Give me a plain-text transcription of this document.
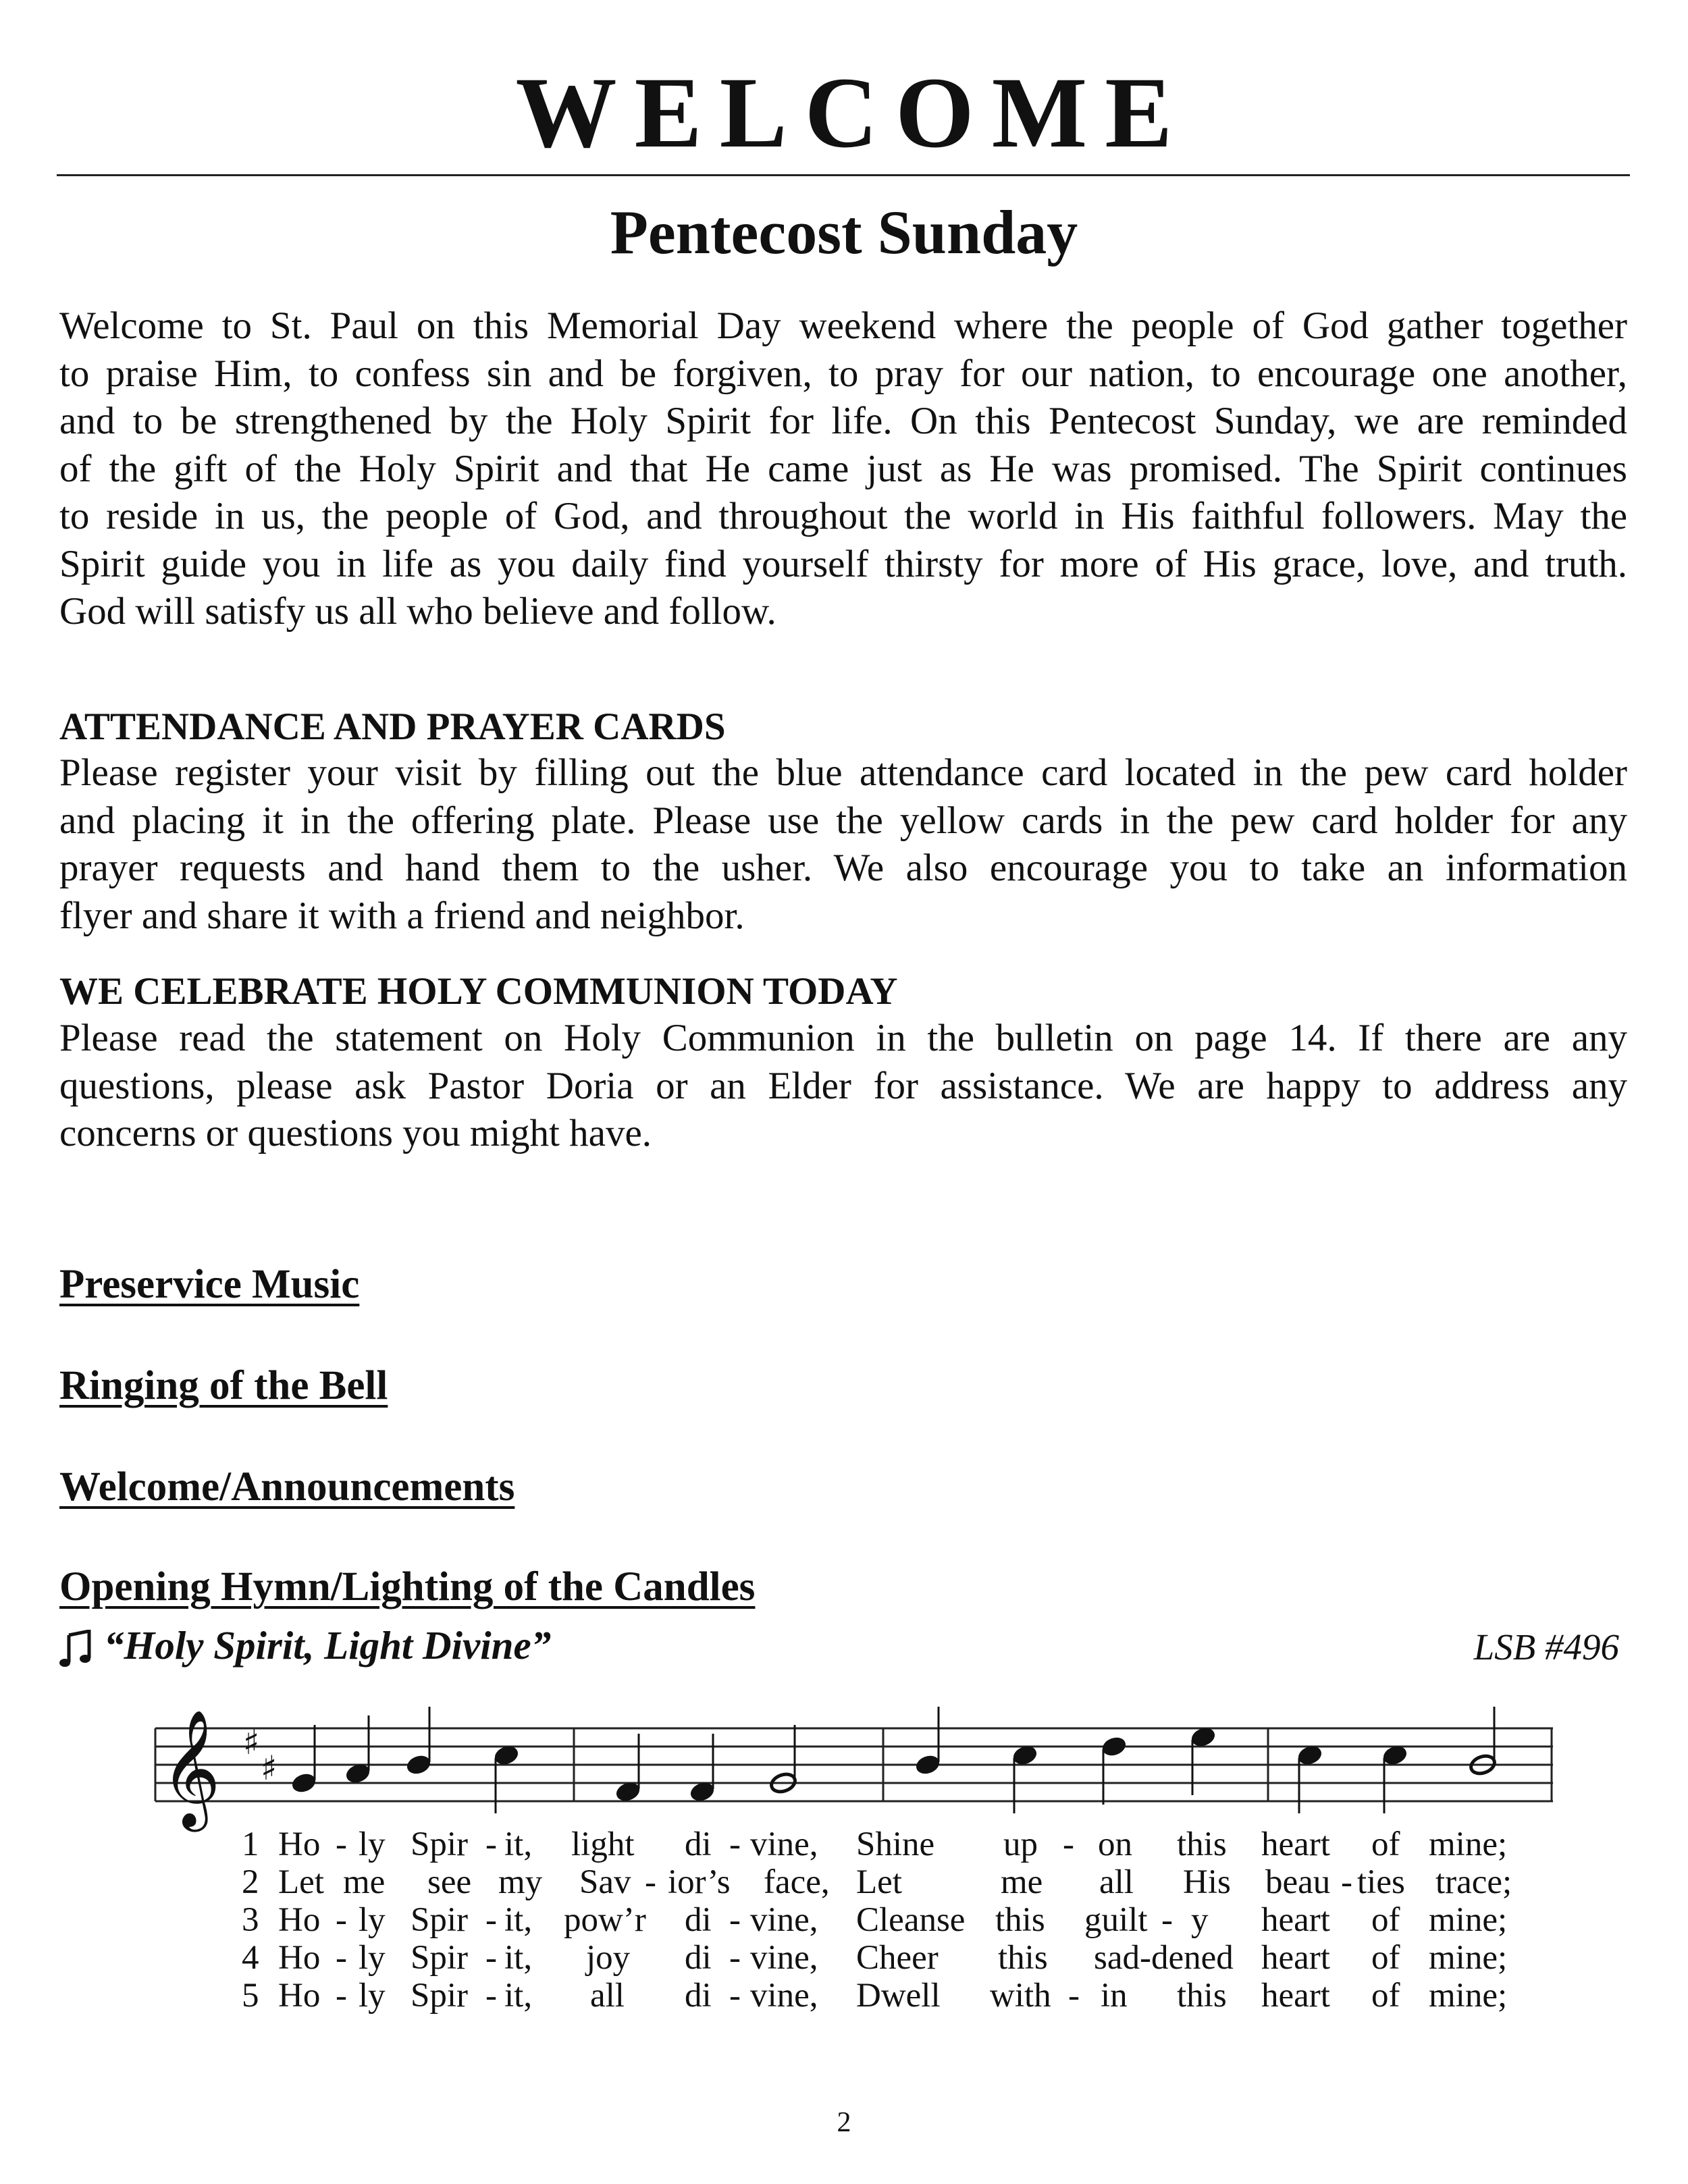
WELCOME
Pentecost Sunday
Welcome to St. Paul on this Memorial Day weekend where the people of God gather together
to praise Him, to confess sin and be forgiven, to pray for our nation, to encourage one another,
and to be strengthened by the Holy Spirit for life. On this Pentecost Sunday, we are reminded
of the gift of the Holy Spirit and that He came just as He was promised. The Spirit continues
to reside in us, the people of God, and throughout the world in His faithful followers. May the
Spirit guide you in life as you daily find yourself thirsty for more of His grace, love, and truth.
God will satisfy us all who believe and follow.
ATTENDANCE AND PRAYER CARDS
Please register your visit by filling out the blue attendance card located in the pew card holder
and placing it in the offering plate. Please use the yellow cards in the pew card holder for any
prayer requests and hand them to the usher. We also encourage you to take an information
flyer and share it with a friend and neighbor.
WE CELEBRATE HOLY COMMUNION TODAY
Please read the statement on Holy Communion in the bulletin on page 14. If there are any
questions, please ask Pastor Doria or an Elder for assistance. We are happy to address any
concerns or questions you might have.
Preservice Music
Ringing of the Bell
Welcome/Announcements
Opening Hymn/Lighting of the Candles
“Holy Spirit, Light Divine”	LSB #496
𝄞 ♯
♯
1 Ho - ly Spir - it, light di - vine, Shine up - on this heart of mine;
2 Let me see my Sav - ior’s face, Let	me all His beau - ties trace;
3 Ho - ly Spir - it, pow’r di - vine, Cleanse this guilt - y heart of mine;
4 Ho - ly Spir - it, joy di - vine, Cheer this sad-dened heart of mine;
5 Ho - ly Spir - it, all di - vine, Dwell with - in this heart of mine;
2
